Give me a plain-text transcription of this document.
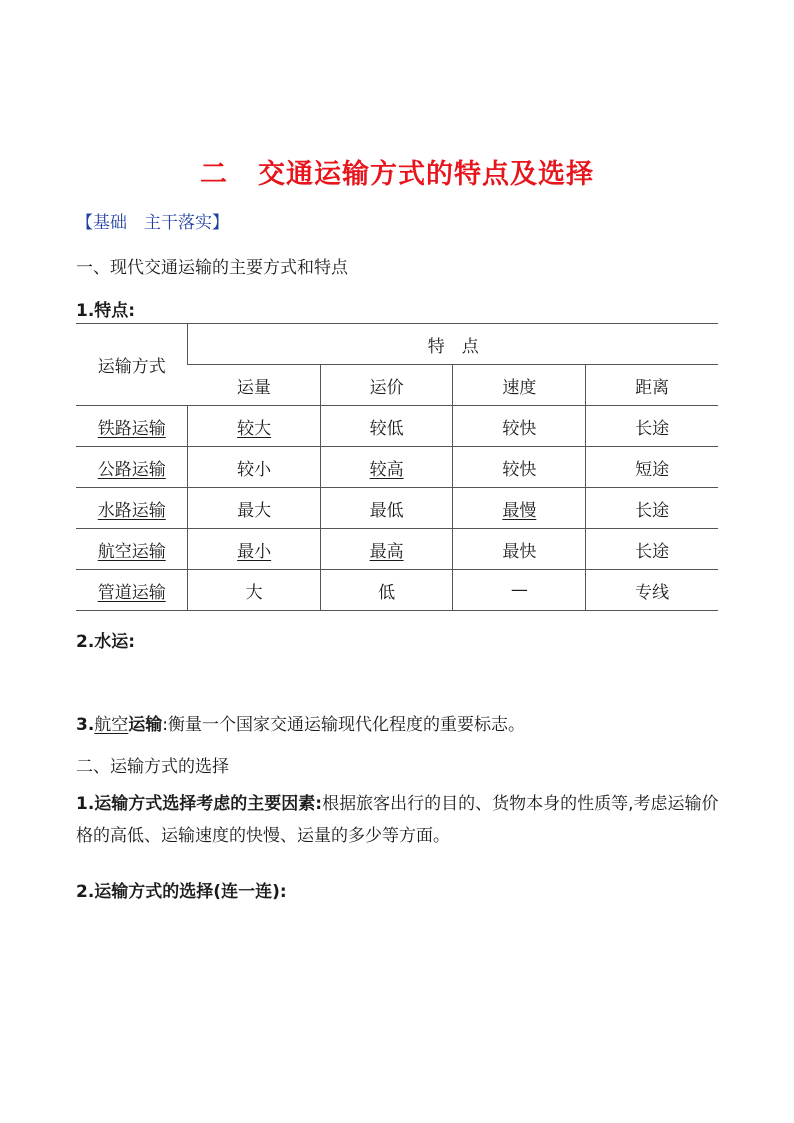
二 交通运输方式的特点及选择
【基础　主干落实】
一、现代交通运输的主要方式和特点
1.特点:
运输方式	特　点			
	运量	运价	速度	距离
铁路运输	较大	较低	较快	长途
公路运输	较小	较高	较快	短途
水路运输	最大	最低	最慢	长途
航空运输	最小	最高	最快	长途
管道运输	大	低	—	专线
2.水运:
3.航空运输:衡量一个国家交通运输现代化程度的重要标志。
二、运输方式的选择
1.运输方式选择考虑的主要因素:根据旅客出行的目的、货物本身的性质等,考虑运输价格的高低、运输速度的快慢、运量的多少等方面。
2.运输方式的选择(连一连):
